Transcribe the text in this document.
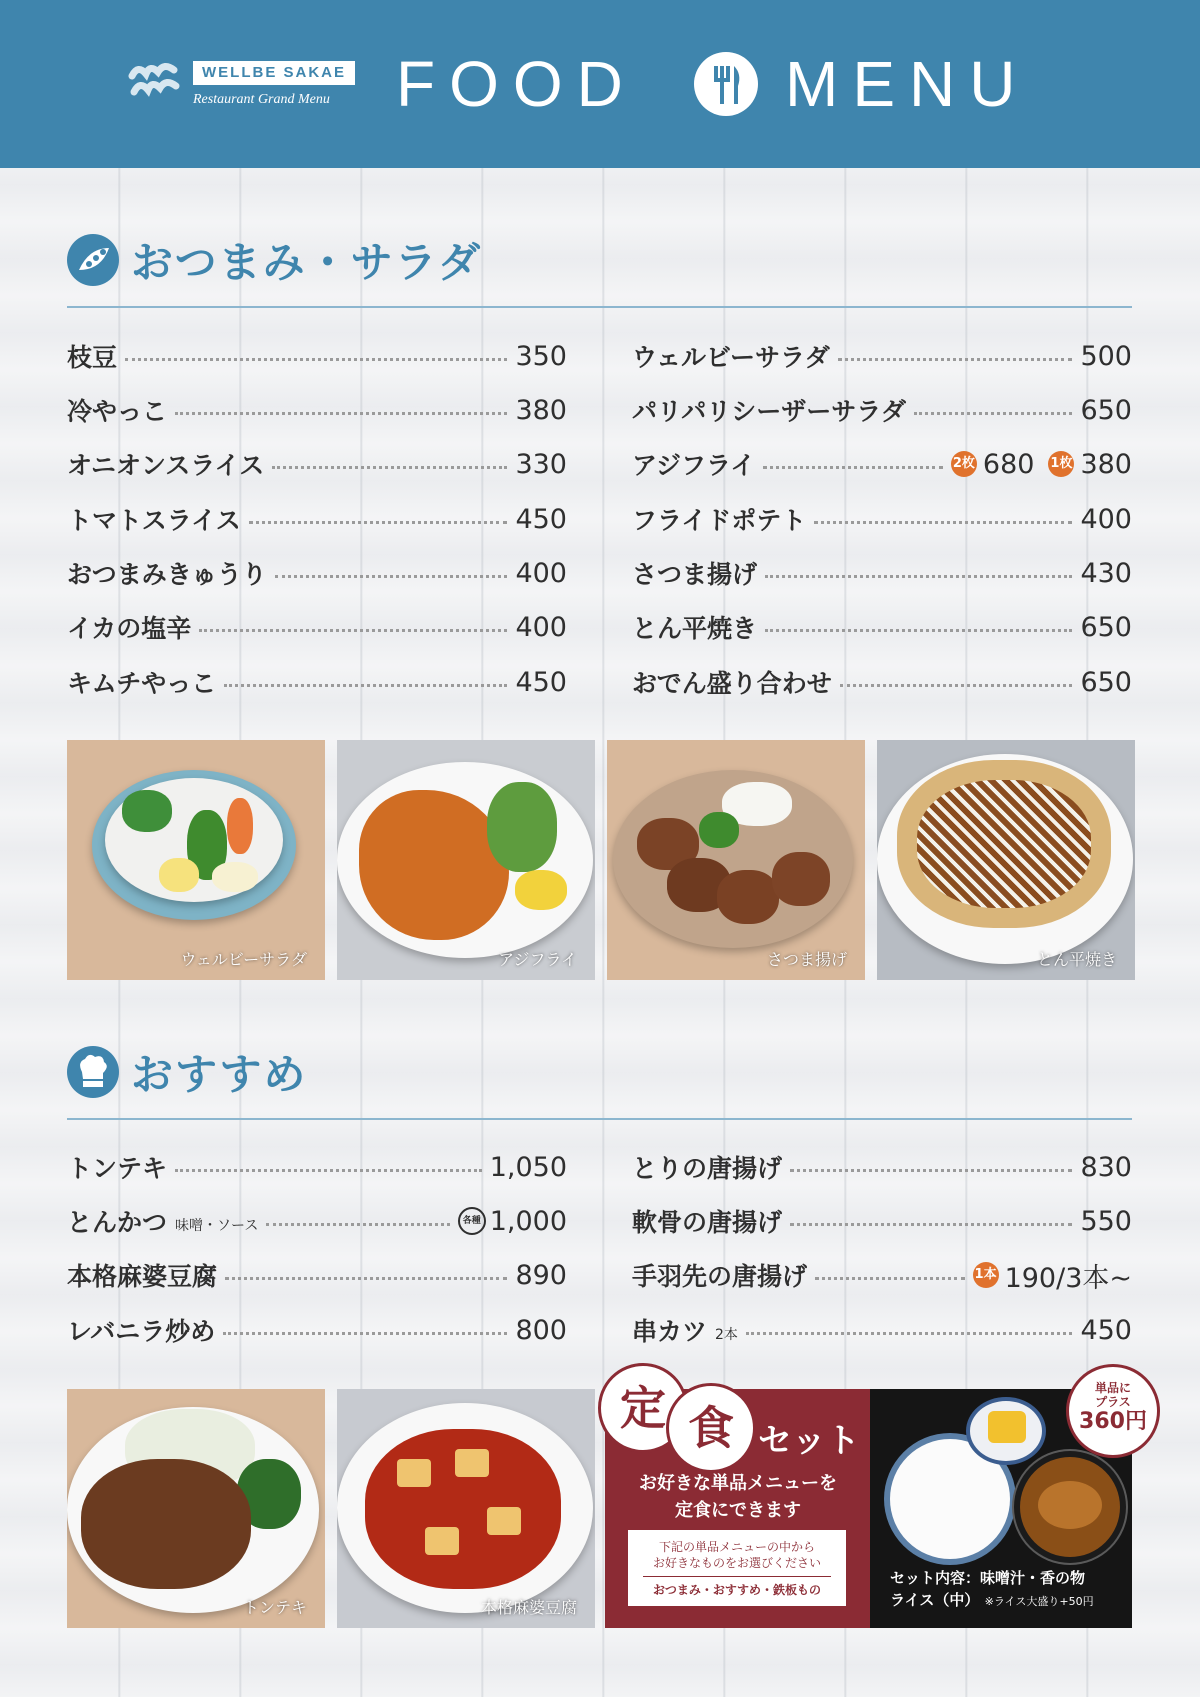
WELLBE SAKAE
Restaurant Grand Menu	FOOD MENU
おつまみ・サラダ
枝豆	350
冷やっこ	380
オニオンスライス	330
トマトスライス	450
おつまみきゅうり	400
イカの塩辛	400
キムチやっこ	450
ウェルビーサラダ	500
パリパリシーザーサラダ	650
アジフライ	2枚 680 1枚 380
フライドポテト	400
さつま揚げ	430
とん平焼き	650
おでん盛り合わせ	650
ウェルビーサラダ	アジフライ	さつま揚げ	とん平焼き
おすすめ
トンテキ	1,050
とんかつ 味噌・ソース	各種 1,000
本格麻婆豆腐	890
レバニラ炒め	800
とりの唐揚げ	830
軟骨の唐揚げ	550
手羽先の唐揚げ	1本 190/3本~
串カツ 2本	450
トンテキ	本格麻婆豆腐
定 食 セット
お好きな単品メニューを
定食にできます
下記の単品メニューの中から
お好きなものをお選びください
おつまみ・おすすめ・鉄板もの
セット内容：味噌汁・香の物
ライス（中） ※ライス大盛り+50円
単品に
プラス
360円
